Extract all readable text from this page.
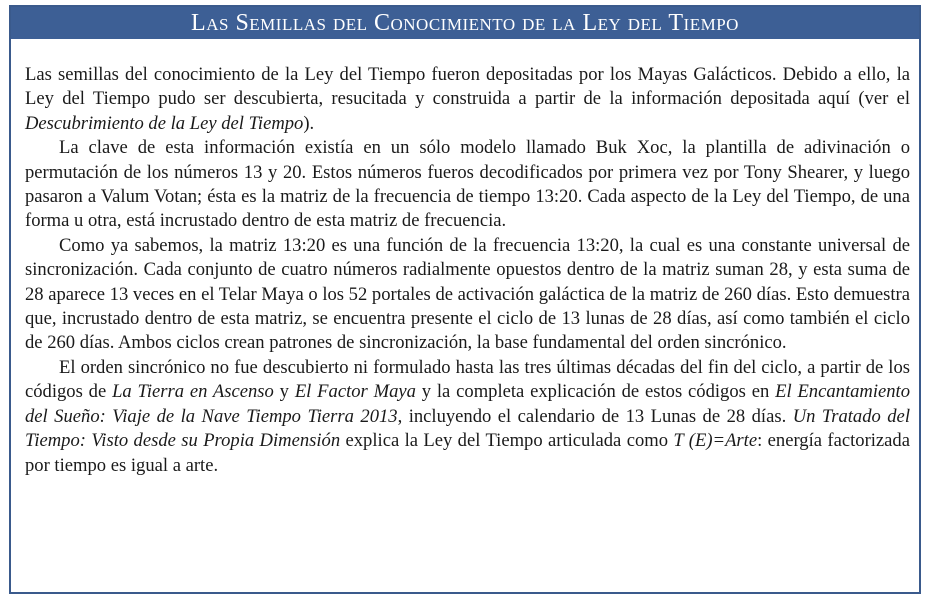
Las Semillas del Conocimiento de la Ley del Tiempo

Las semillas del conocimiento de la Ley del Tiempo fueron depositadas por los Mayas Galácticos. Debido a ello, la Ley del Tiempo pudo ser descubierta, resucitada y construida a partir de la información depositada aquí (ver el Descubrimiento de la Ley del Tiempo).

La clave de esta información existía en un sólo modelo llamado Buk Xoc, la plantilla de adivinación o permutación de los números 13 y 20. Estos números fueros decodificados por primera vez por Tony Shearer, y luego pasaron a Valum Votan; ésta es la matriz de la frecuencia de tiempo 13:20. Cada aspecto de la Ley del Tiempo, de una forma u otra, está incrustado dentro de esta matriz de frecuencia.

Como ya sabemos, la matriz 13:20 es una función de la frecuencia 13:20, la cual es una constante universal de sincronización. Cada conjunto de cuatro números radialmente opuestos dentro de la matriz suman 28, y esta suma de 28 aparece 13 veces en el Telar Maya o los 52 portales de activación galáctica de la matriz de 260 días. Esto demuestra que, incrustado dentro de esta matriz, se encuentra presente el ciclo de 13 lunas de 28 días, así como también el ciclo de 260 días. Ambos ciclos crean patrones de sincronización, la base fundamental del orden sincrónico.

El orden sincrónico no fue descubierto ni formulado hasta las tres últimas décadas del fin del ciclo, a partir de los códigos de La Tierra en Ascenso y El Factor Maya y la completa explicación de estos códigos en El Encantamiento del Sueño: Viaje de la Nave Tiempo Tierra 2013, incluyendo el calendario de 13 Lunas de 28 días. Un Tratado del Tiempo: Visto desde su Propia Dimensión explica la Ley del Tiempo articulada como T (E)=Arte: energía factorizada por tiempo es igual a arte.
